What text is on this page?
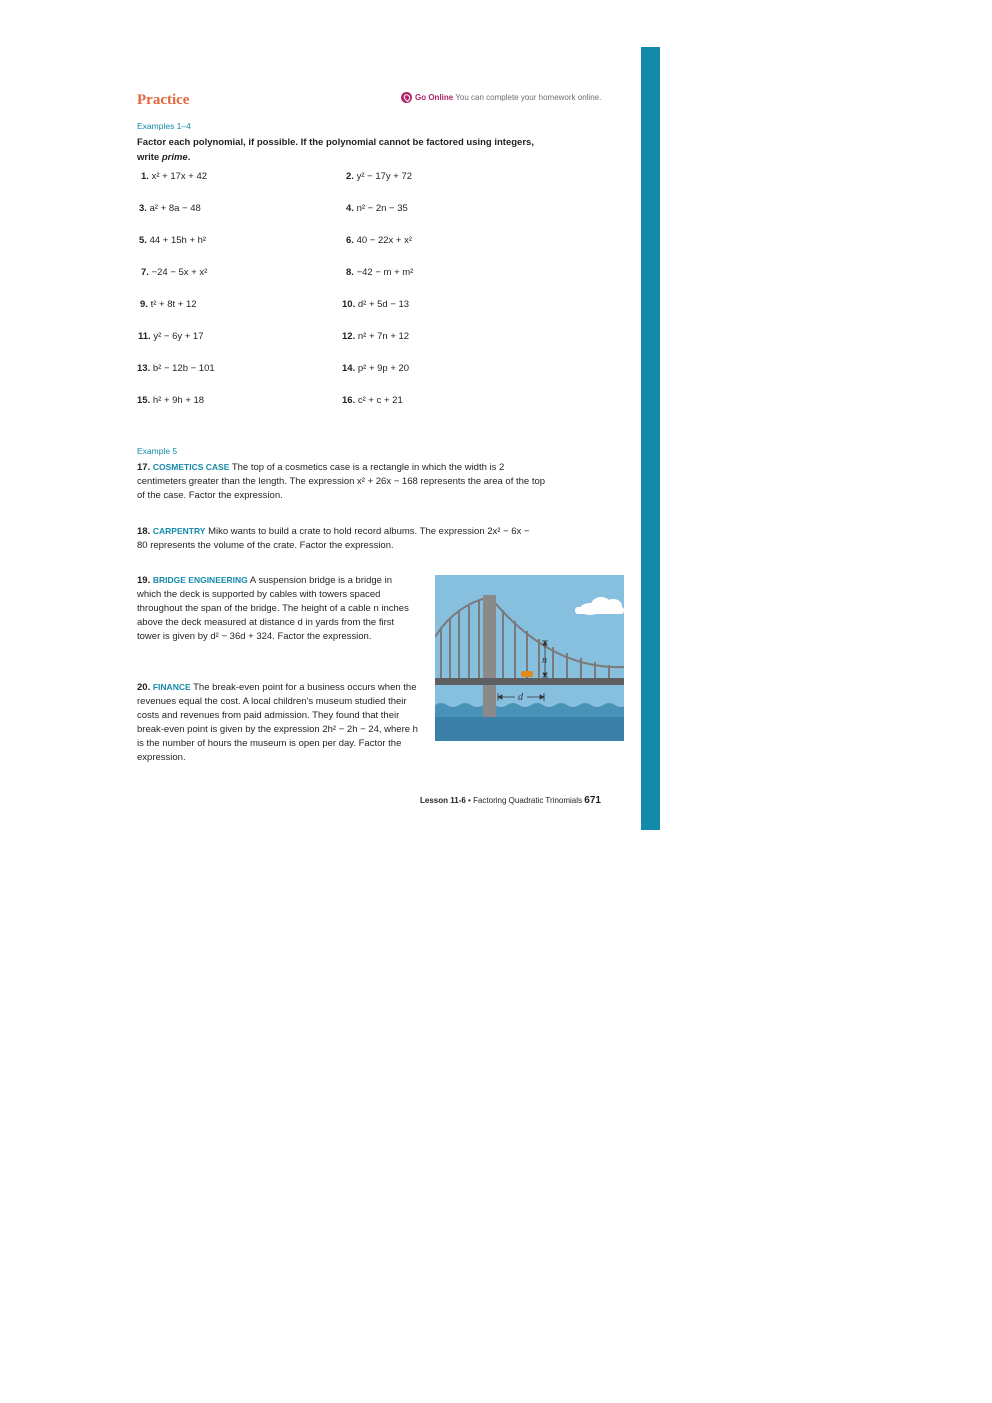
Practice	Go Online You can complete your homework online.
Examples 1–4
Factor each polynomial, if possible. If the polynomial cannot be factored using integers, write prime.
1. x² + 17x + 42	2. y² − 17y + 72
3. a² + 8a − 48	4. n² − 2n − 35
5. 44 + 15h + h²	6. 40 − 22x + x²
7. −24 − 5x + x²	8. −42 − m + m²
9. t² + 8t + 12	10. d² + 5d − 13
11. y² − 6y + 17	12. n² + 7n + 12
13. b² − 12b − 101	14. p² + 9p + 20
15. h² + 9h + 18	16. c² + c + 21
Example 5
17. COSMETICS CASE The top of a cosmetics case is a rectangle in which the width is 2 centimeters greater than the length. The expression x² + 26x − 168 represents the area of the top of the case. Factor the expression.
18. CARPENTRY Miko wants to build a crate to hold record albums. The expression 2x² − 6x − 80 represents the volume of the crate. Factor the expression.
19. BRIDGE ENGINEERING A suspension bridge is a bridge in which the deck is supported by cables with towers spaced throughout the span of the bridge. The height of a cable n inches above the deck measured at distance d in yards from the first tower is given by d² − 36d + 324. Factor the expression.
20. FINANCE The break-even point for a business occurs when the revenues equal the cost. A local children's museum studied their costs and revenues from paid admission. They found that their break-even point is given by the expression 2h² − 2h − 24, where h is the number of hours the museum is open per day. Factor the expression.
n
d
Lesson 11-6 • Factoring Quadratic Trinomials 671
